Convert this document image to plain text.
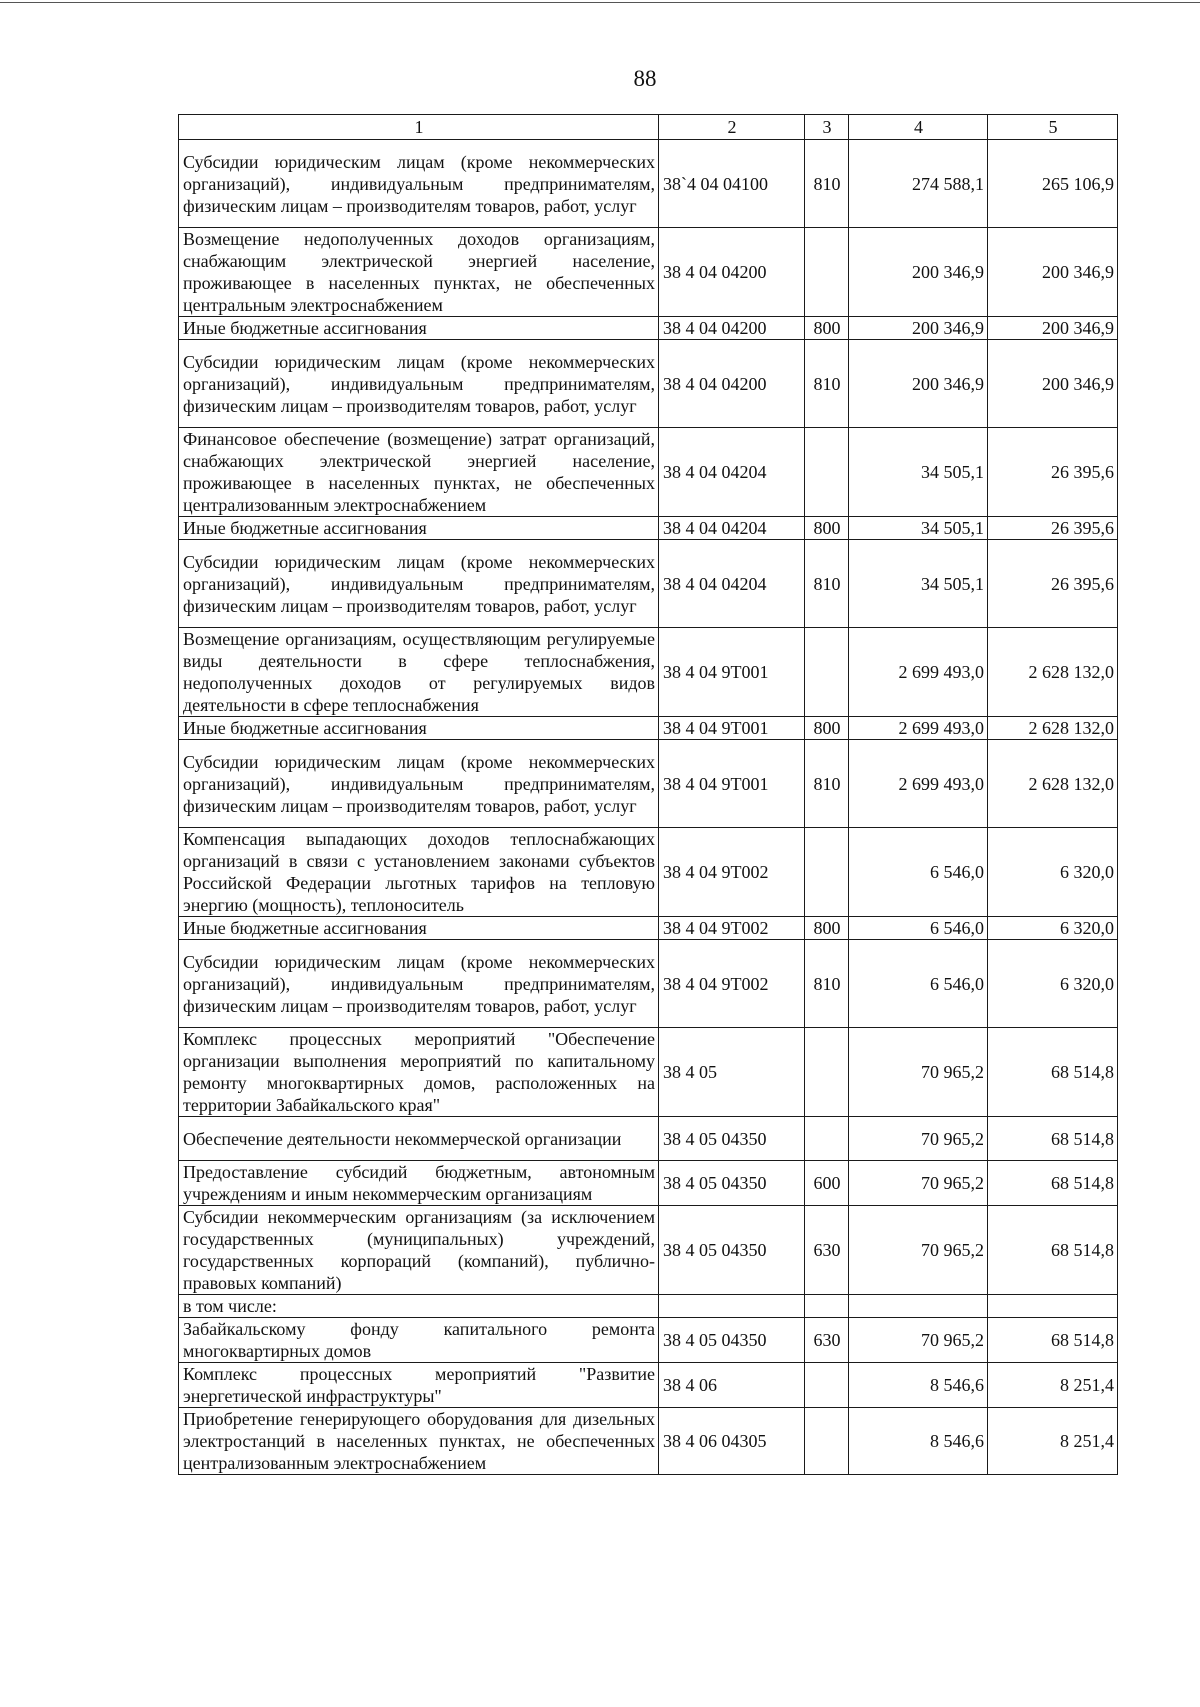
88
1	2	3	4	5
Субсидии юридическим лицам (кроме некоммерческих организаций), индивидуальным предпринимателям, физическим лицам – производителям товаров, работ, услуг	38`4 04 04100	810	274 588,1	265 106,9
Возмещение недополученных доходов организациям, снабжающим электрической энергией население, проживающее в населенных пунктах, не обеспеченных центральным электроснабжением	38 4 04 04200		200 346,9	200 346,9
Иные бюджетные ассигнования	38 4 04 04200	800	200 346,9	200 346,9
Субсидии юридическим лицам (кроме некоммерческих организаций), индивидуальным предпринимателям, физическим лицам – производителям товаров, работ, услуг	38 4 04 04200	810	200 346,9	200 346,9
Финансовое обеспечение (возмещение) затрат организаций, снабжающих электрической энергией население, проживающее в населенных пунктах, не обеспеченных централизованным электроснабжением	38 4 04 04204		34 505,1	26 395,6
Иные бюджетные ассигнования	38 4 04 04204	800	34 505,1	26 395,6
Субсидии юридическим лицам (кроме некоммерческих организаций), индивидуальным предпринимателям, физическим лицам – производителям товаров, работ, услуг	38 4 04 04204	810	34 505,1	26 395,6
Возмещение организациям, осуществляющим регулируемые виды деятельности в сфере теплоснабжения, недополученных доходов от регулируемых видов деятельности в сфере теплоснабжения	38 4 04 9Т001		2 699 493,0	2 628 132,0
Иные бюджетные ассигнования	38 4 04 9Т001	800	2 699 493,0	2 628 132,0
Субсидии юридическим лицам (кроме некоммерческих организаций), индивидуальным предпринимателям, физическим лицам – производителям товаров, работ, услуг	38 4 04 9Т001	810	2 699 493,0	2 628 132,0
Компенсация выпадающих доходов теплоснабжающих организаций в связи с установлением законами субъектов Российской Федерации льготных тарифов на тепловую энергию (мощность), теплоноситель	38 4 04 9Т002		6 546,0	6 320,0
Иные бюджетные ассигнования	38 4 04 9Т002	800	6 546,0	6 320,0
Субсидии юридическим лицам (кроме некоммерческих организаций), индивидуальным предпринимателям, физическим лицам – производителям товаров, работ, услуг	38 4 04 9Т002	810	6 546,0	6 320,0
Комплекс процессных мероприятий "Обеспечение организации выполнения мероприятий по капитальному ремонту многоквартирных домов, расположенных на территории Забайкальского края"	38 4 05		70 965,2	68 514,8
Обеспечение деятельности некоммерческой организации	38 4 05 04350		70 965,2	68 514,8
Предоставление субсидий бюджетным, автономным учреждениям и иным некоммерческим организациям	38 4 05 04350	600	70 965,2	68 514,8
Субсидии некоммерческим организациям (за исключением государственных (муниципальных) учреждений, государственных корпораций (компаний), публично-правовых компаний)	38 4 05 04350	630	70 965,2	68 514,8
в том числе:				
Забайкальскому фонду капитального ремонта многоквартирных домов	38 4 05 04350	630	70 965,2	68 514,8
Комплекс процессных мероприятий "Развитие энергетической инфраструктуры"	38 4 06		8 546,6	8 251,4
Приобретение генерирующего оборудования для дизельных электростанций в населенных пунктах, не обеспеченных централизованным электроснабжением	38 4 06 04305		8 546,6	8 251,4
